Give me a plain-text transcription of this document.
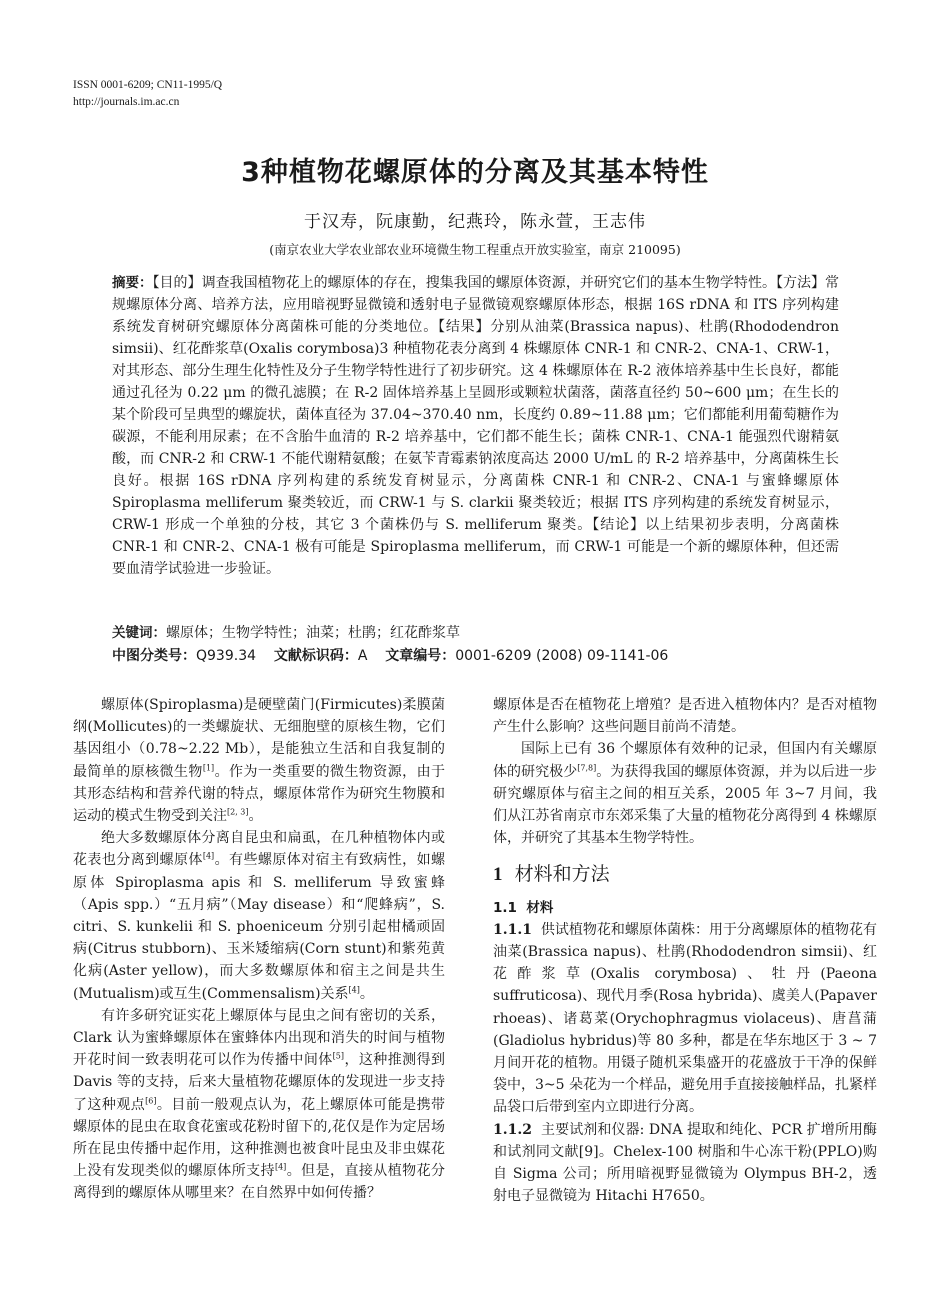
ISSN 0001-6209; CN11-1995/Q
http://journals.im.ac.cn
3种植物花螺原体的分离及其基本特性
于汉寿，阮康勤，纪燕玲，陈永萱，王志伟
(南京农业大学农业部农业环境微生物工程重点开放实验室，南京 210095)
摘要：【目的】调查我国植物花上的螺原体的存在，搜集我国的螺原体资源，并研究它们的基本生物学特性。【方法】常规螺原体分离、培养方法，应用暗视野显微镜和透射电子显微镜观察螺原体形态，根据 16S rDNA 和 ITS 序列构建系统发育树研究螺原体分离菌株可能的分类地位。【结果】分别从油菜(Brassica napus)、杜鹃(Rhododendron simsii)、红花酢浆草(Oxalis corymbosa)3 种植物花表分离到 4 株螺原体 CNR-1 和 CNR-2、CNA-1、CRW-1，对其形态、部分生理生化特性及分子生物学特性进行了初步研究。这 4 株螺原体在 R-2 液体培养基中生长良好，都能通过孔径为 0.22 μm 的微孔滤膜；在 R-2 固体培养基上呈圆形或颗粒状菌落，菌落直径约 50~600 μm；在生长的某个阶段可呈典型的螺旋状，菌体直径为 37.04~370.40 nm，长度约 0.89~11.88 μm；它们都能利用葡萄糖作为碳源，不能利用尿素；在不含胎牛血清的 R-2 培养基中，它们都不能生长；菌株 CNR-1、CNA-1 能强烈代谢精氨酸，而 CNR-2 和 CRW-1 不能代谢精氨酸；在氨苄青霉素钠浓度高达 2000 U/mL 的 R-2 培养基中，分离菌株生长良好。根据 16S rDNA 序列构建的系统发育树显示，分离菌株 CNR-1 和 CNR-2、CNA-1 与蜜蜂螺原体 Spiroplasma melliferum 聚类较近，而 CRW-1 与 S. clarkii 聚类较近；根据 ITS 序列构建的系统发育树显示，CRW-1 形成一个单独的分枝，其它 3 个菌株仍与 S. melliferum 聚类。【结论】以上结果初步表明，分离菌株 CNR-1 和 CNR-2、CNA-1 极有可能是 Spiroplasma melliferum，而 CRW-1 可能是一个新的螺原体种，但还需要血清学试验进一步验证。
关键词：螺原体；生物学特性；油菜；杜鹃；红花酢浆草
中图分类号：Q939.34 文献标识码：A 文章编号：0001-6209 (2008) 09-1141-06

螺原体(Spiroplasma)是硬壁菌门(Firmicutes)柔膜菌纲(Mollicutes)的一类螺旋状、无细胞壁的原核生物，它们基因组小（0.78~2.22 Mb），是能独立生活和自我复制的最简单的原核微生物[1]。作为一类重要的微生物资源，由于其形态结构和营养代谢的特点，螺原体常作为研究生物膜和运动的模式生物受到关注[2, 3]。

绝大多数螺原体分离自昆虫和扁虱，在几种植物体内或花表也分离到螺原体[4]。有些螺原体对宿主有致病性，如螺原体 Spiroplasma apis 和 S. melliferum 导致蜜蜂（Apis spp.）“五月病”（May disease）和“爬蜂病”，S. citri、S. kunkelii 和 S. phoeniceum 分别引起柑橘顽固病(Citrus stubborn)、玉米矮缩病(Corn stunt)和紫苑黄化病(Aster yellow)，而大多数螺原体和宿主之间是共生(Mutualism)或互生(Commensalism)关系[4]。

有许多研究证实花上螺原体与昆虫之间有密切的关系，Clark 认为蜜蜂螺原体在蜜蜂体内出现和消失的时间与植物开花时间一致表明花可以作为传播中间体[5]，这种推测得到 Davis 等的支持，后来大量植物花螺原体的发现进一步支持了这种观点[6]。目前一般观点认为，花上螺原体可能是携带螺原体的昆虫在取食花蜜或花粉时留下的,花仅是作为定居场所在昆虫传播中起作用，这种推测也被食叶昆虫及非虫媒花上没有发现类似的螺原体所支持[4]。但是，直接从植物花分离得到的螺原体从哪里来？在自然界中如何传播？

螺原体是否在植物花上增殖？是否进入植物体内？是否对植物产生什么影响？这些问题目前尚不清楚。

国际上已有 36 个螺原体有效种的记录，但国内有关螺原体的研究极少[7,8]。为获得我国的螺原体资源，并为以后进一步研究螺原体与宿主之间的相互关系，2005 年 3~7 月间，我们从江苏省南京市东郊采集了大量的植物花分离得到 4 株螺原体，并研究了其基本生物学特性。

1 材料和方法
1.1 材料

1.1.1 供试植物花和螺原体菌株：用于分离螺原体的植物花有油菜(Brassica napus)、杜鹃(Rhododendron simsii)、红花酢浆草(Oxalis corymbosa)、牡丹(Paeona suffruticosa)、现代月季(Rosa hybrida)、虞美人(Papaver rhoeas)、诸葛菜(Orychophragmus violaceus)、唐菖蒲(Gladiolus hybridus)等 80 多种，都是在华东地区于 3 ~ 7 月间开花的植物。用镊子随机采集盛开的花盛放于干净的保鲜袋中，3~5 朵花为一个样品，避免用手直接接触样品，扎紧样品袋口后带到室内立即进行分离。

1.1.2 主要试剂和仪器: DNA 提取和纯化、PCR 扩增所用酶和试剂同文献[9]。Chelex-100 树脂和牛心冻干粉(PPLO)购自 Sigma 公司；所用暗视野显微镜为 Olympus BH-2，透射电子显微镜为 Hitachi H7650。
